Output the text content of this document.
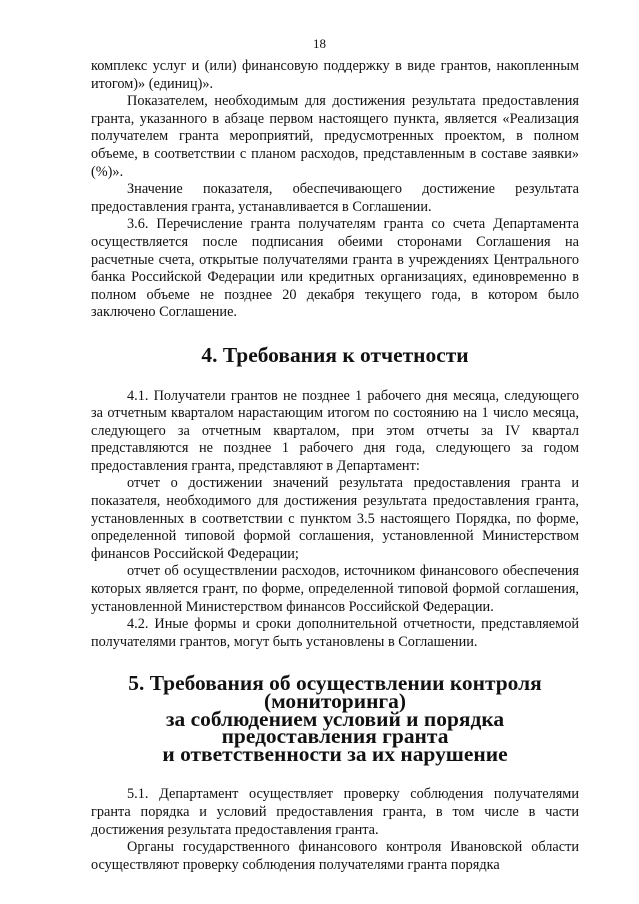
18

комплекс услуг и (или) финансовую поддержку в виде грантов, накопленным итогом)» (единиц)».

Показателем, необходимым для достижения результата предоставления гранта, указанного в абзаце первом настоящего пункта, является «Реализация получателем гранта мероприятий, предусмотренных проектом, в полном объеме, в соответствии с планом расходов, представленным в составе заявки» (%)».

Значение показателя, обеспечивающего достижение результата предоставления гранта, устанавливается в Соглашении.

3.6. Перечисление гранта получателям гранта со счета Департамента осуществляется после подписания обеими сторонами Соглашения на расчетные счета, открытые получателями гранта в учреждениях Центрального банка Российской Федерации или кредитных организациях, единовременно в полном объеме не позднее 20 декабря текущего года, в котором было заключено Соглашение.

4. Требования к отчетности

4.1. Получатели грантов не позднее 1 рабочего дня месяца, следующего за отчетным кварталом нарастающим итогом по состоянию на 1 число месяца, следующего за отчетным кварталом, при этом отчеты за IV квартал представляются не позднее 1 рабочего дня года, следующего за годом предоставления гранта, представляют в Департамент:

отчет о достижении значений результата предоставления гранта и показателя, необходимого для достижения результата предоставления гранта, установленных в соответствии с пунктом 3.5 настоящего Порядка, по форме, определенной типовой формой соглашения, установленной Министерством финансов Российской Федерации;

отчет об осуществлении расходов, источником финансового обеспечения которых является грант, по форме, определенной типовой формой соглашения, установленной Министерством финансов Российской Федерации.

4.2. Иные формы и сроки дополнительной отчетности, представляемой получателями грантов, могут быть установлены в Соглашении.

5. Требования об осуществлении контроля (мониторинга)
за соблюдением условий и порядка предоставления гранта
и ответственности за их нарушение

5.1. Департамент осуществляет проверку соблюдения получателями гранта порядка и условий предоставления гранта, в том числе в части достижения результата предоставления гранта.

Органы государственного финансового контроля Ивановской области осуществляют проверку соблюдения получателями гранта порядка
